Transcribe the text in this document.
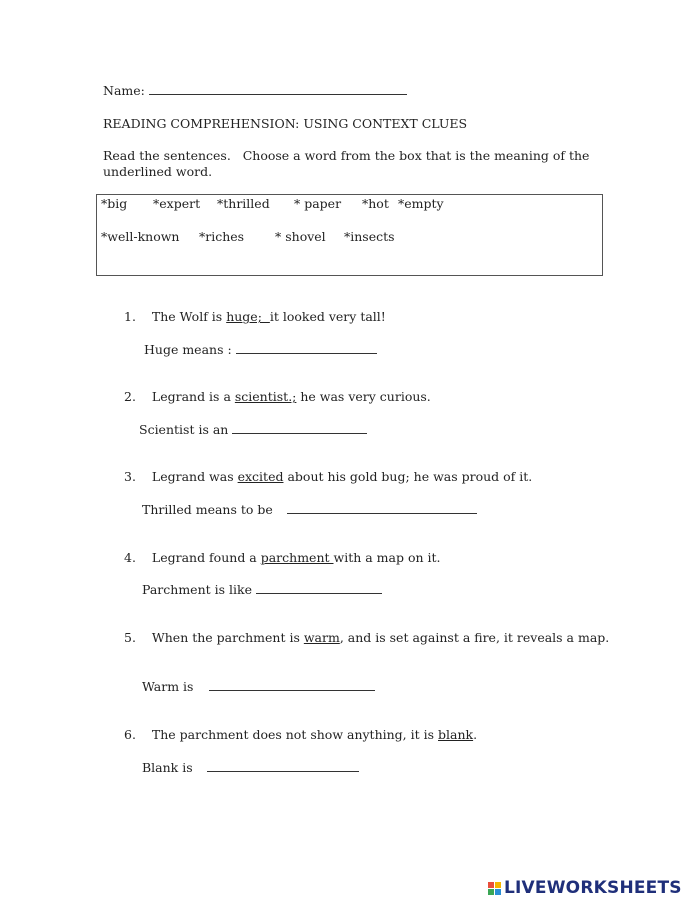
Name:
READING COMPREHENSION: USING CONTEXT CLUES
Read the sentences.   Choose a word from the box that is the meaning of the
underlined word.
*big *expert *thrilled * paper *hot *empty
*well-known *riches * shovel *insects
1. The Wolf is huge;  it looked very tall!
Huge means :
2. Legrand is a scientist.; he was very curious.
Scientist is an
3. Legrand was excited about his gold bug; he was proud of it.
Thrilled means to be
4. Legrand found a parchment with a map on it.
Parchment is like
5. When the parchment is warm, and is set against a fire, it reveals a map.
Warm is
6. The parchment does not show anything, it is blank.
Blank is
LIVEWORKSHEETS
